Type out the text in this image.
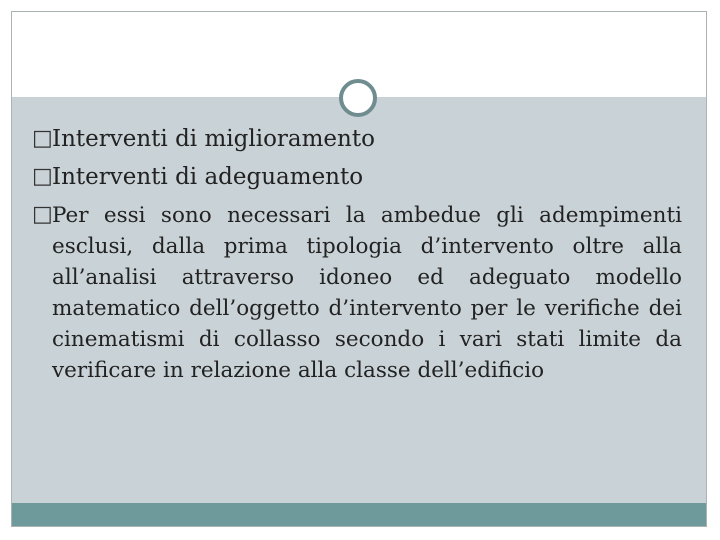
□ Interventi di miglioramento
□ Interventi di adeguamento
□ Per essi sono necessari la ambedue gli adempimenti esclusi, dalla prima tipologia d’intervento oltre alla all’analisi attraverso idoneo ed adeguato modello matematico dell’oggetto d’intervento per le verifiche dei cinematismi di collasso secondo i vari stati limite da verificare in relazione alla classe dell’edificio
